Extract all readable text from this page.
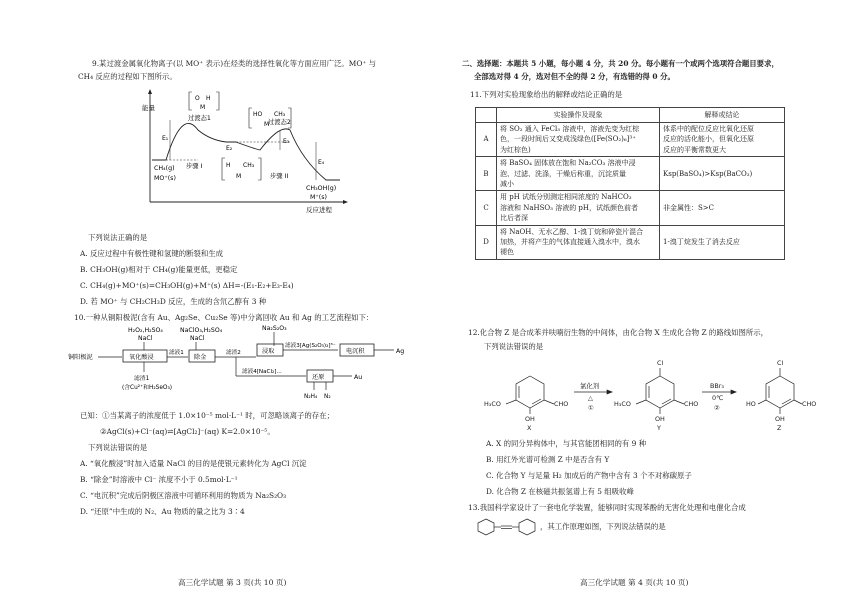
9.某过渡金属氧化物离子(以 MO⁺ 表示)在烃类的选择性氧化等方面应用广泛。MO⁺ 与
CH₄ 反应的过程如下图所示。
能量
反应进程
E₁
E₂
E₃
E₄
过渡态1
过渡态2
CH₄(g)
MO⁺(s)
步骤 I
步骤 II
CH₃OH(g)
M⁺(s)
O H
M
HO CH₃
M
H CH₃
M
下列说法正确的是
A. 反应过程中有极性键和氢键的断裂和生成
B. CH₃OH(g)相对于 CH₄(g)能量更低，更稳定
C. CH₄(g)+MO⁺(s)=CH₃OH(g)+M⁺(s) ΔH=-(E₁-E₂+E₃-E₄)
D. 若 MO⁺ 与 CH₂CH₃D 反应，生成的含氘乙醇有 3 种
10.一种从铜阳极泥(含有 Au、Ag₂Se、Cu₂Se 等)中分离回收 Au 和 Ag 的工艺流程如下：
H₂O₂,H₂SO₄
NaCl
NaClO₃,H₂SO₄
NaCl
Na₂S₂O₃
铜阳极泥	氧化酸浸
滤液1
除金
滤渣2	浸取
滤液3[Ag(S₂O₃)₂]³⁻
电沉积	Ag
滤液4[NaCl₂]...
还原	Au
N₂H₄ N₂
滤渣1
(含Cu²⁺和H₂SeO₃)
已知：①当某离子的浓度低于 1.0×10⁻⁵ mol·L⁻¹ 时，可忽略该离子的存在；
②AgCl(s)+Cl⁻(aq)⇌[AgCl₂]⁻(aq) K=2.0×10⁻⁵。
下列说法错误的是
A. “氧化酸浸”时加入适量 NaCl 的目的是使银元素转化为 AgCl 沉淀
B. “除金”时溶液中 Cl⁻ 浓度不小于 0.5mol·L⁻¹
C. “电沉积”完成后阴极区溶液中可循环利用的物质为 Na₂S₂O₃
D. “还原”中生成的 N₂、Au 物质的量之比为 3∶4
高三化学试题 第 3 页(共 10 页)
二、选择题：本题共 5 小题，每小题 4 分，共 20 分。每小题有一个或两个选项符合题目要求，
全部选对得 4 分，选对但不全的得 2 分，有选错的得 0 分。
11.下列对实验现象给出的解释或结论正确的是
	实验操作及现象	解释或结论
A	将 SO₂ 通入 FeCl₃ 溶液中，溶液先变为红棕
色，一段时间后又变成浅绿色([Fe(SO₂)₆]³⁺
为红棕色)	体系中的配位反应比氧化还原
反应的活化能小，但氧化还原
反应的平衡常数更大
B	将 BaSO₄ 固体放在饱和 Na₂CO₃ 溶液中浸
泡、过滤、洗涤，干燥后称重，沉淀质量
减小	Ksp(BaSO₄)>Ksp(BaCO₃)
C	用 pH 试纸分别测定相同浓度的 NaHCO₃
溶液和 NaHSO₃ 溶液的 pH，试纸颜色前者
比后者深	非金属性：S>C
D	将 NaOH、无水乙醇、1-溴丁烷和碎瓷片混合
加热，并将产生的气体直接通入溴水中，溴水
褪色	1-溴丁烷发生了消去反应
12.化合物 Z 是合成苯并呋喃衍生物的中间体，由化合物 X 生成化合物 Z 的路线如图所示，
下列说法错误的是
H₃CO	CHO
OH
X
氯化剂
△
①	H₃CO	CHO
OH
Cl
Y
BBr₃
0℃
②	HO	CHO
OH
Cl
Z
A. X 的同分异构体中，与其官能团相同的有 9 种
B. 用红外光谱可检测 Z 中是否含有 Y
C. 化合物 Y 与足量 H₂ 加成后的产物中含有 3 个不对称碳原子
D. 化合物 Z 在核磁共振氢谱上有 5 组吸收峰
13.我国科学家设计了一套电化学装置，能够同时实现苯酚的无害化处理和电催化合成
，其工作原理如图，下列说法错误的是
高三化学试题 第 4 页(共 10 页)
